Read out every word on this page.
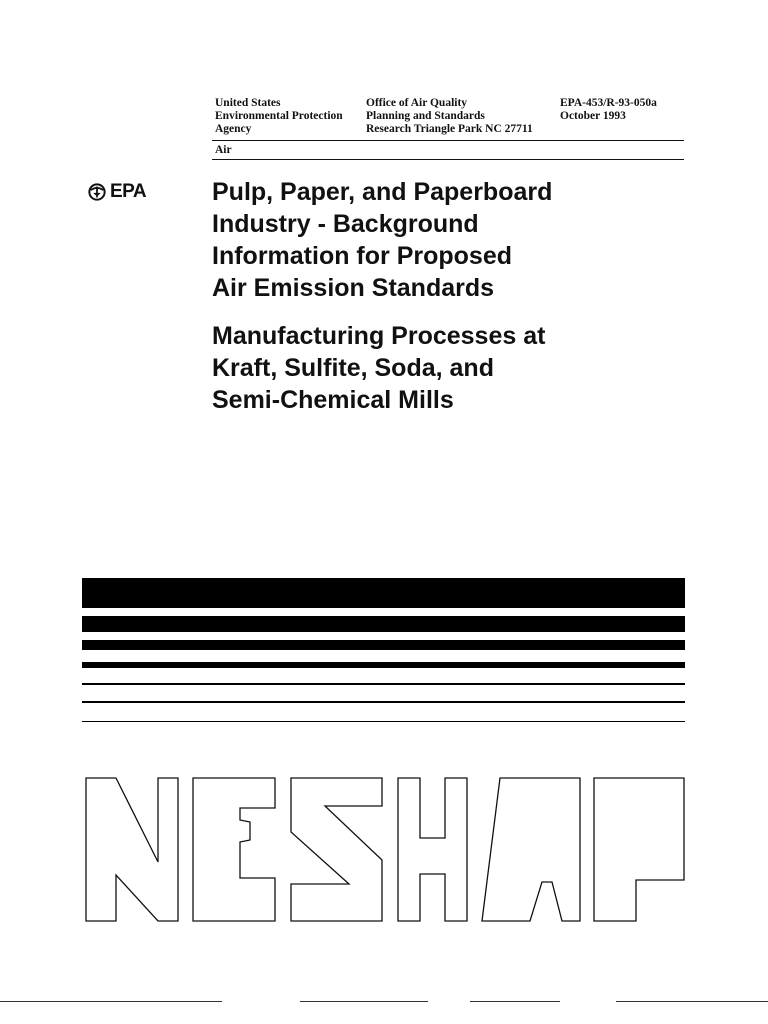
United States
Environmental Protection
Agency
Office of Air Quality
Planning and Standards
Research Triangle Park NC 27711
EPA-453/R-93-050a
October 1993
Air
EPA	Pulp, Paper, and Paperboard
Industry - Background
Information for Proposed
Air Emission Standards
Manufacturing Processes at
Kraft, Sulfite, Soda, and
Semi-Chemical Mills
